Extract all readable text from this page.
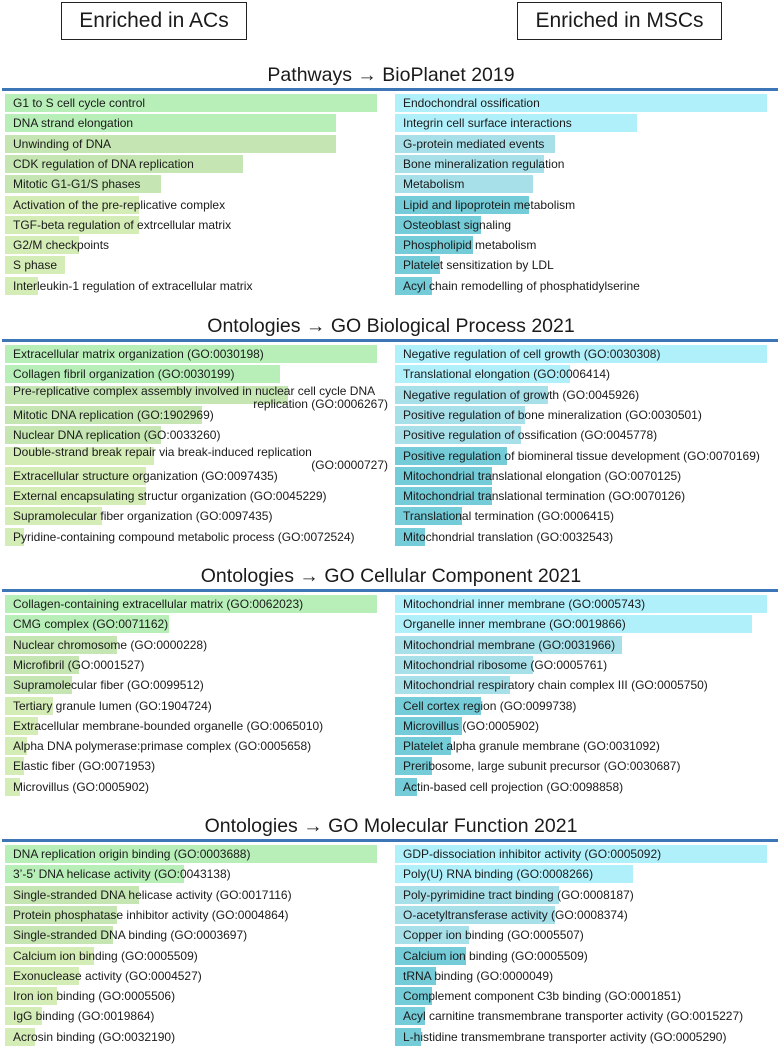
Enriched in ACs	Enriched in MSCs
Pathways → BioPlanet 2019
G1 to S cell cycle control
DNA strand elongation
Unwinding of DNA
CDK regulation of DNA replication
Mitotic G1-G1/S phases
Activation of the pre-replicative complex
TGF-beta regulation of extrcellular matrix
G2/M checkpoints
S phase
Interleukin-1 regulation of extracellular matrix
Endochondral ossification
Integrin cell surface interactions
G-protein mediated events
Bone mineralization regulation
Metabolism
Lipid and lipoprotein metabolism
Osteoblast signaling
Phospholipid metabolism
Platelet sensitization by LDL
Acyl chain remodelling of phosphatidylserine
Ontologies → GO Biological Process 2021
Extracellular matrix organization (GO:0030198)
Collagen fibril organization (GO:0030199)
Pre-replicative complex assembly involved in nuclear cell cycle DNA
replication (GO:0006267)
Mitotic DNA replication (GO:1902969)
Nuclear DNA replication (GO:0033260)
Double-strand break repair via break-induced replication
(GO:0000727)
Extracellular structure organization (GO:0097435)
External encapsulating structur organization (GO:0045229)
Supramolecular fiber organization (GO:0097435)
Pyridine-containing compound metabolic process (GO:0072524)
Negative regulation of cell growth (GO:0030308)
Translational elongation (GO:0006414)
Negative regulation of growth (GO:0045926)
Positive regulation of bone mineralization (GO:0030501)
Positive regulation of ossification (GO:0045778)
Positive regulation of biomineral tissue development (GO:0070169)
Mitochondrial translational elongation (GO:0070125)
Mitochondrial translational termination (GO:0070126)
Translational termination (GO:0006415)
Mitochondrial translation (GO:0032543)
Ontologies → GO Cellular Component 2021
Collagen-containing extracellular matrix (GO:0062023)
CMG complex (GO:0071162)
Nuclear chromosome (GO:0000228)
Microfibril (GO:0001527)
Supramolecular fiber (GO:0099512)
Tertiary granule lumen (GO:1904724)
Extracellular membrane-bounded organelle (GO:0065010)
Alpha DNA polymerase:primase complex (GO:0005658)
Elastic fiber (GO:0071953)
Microvillus (GO:0005902)
Mitochondrial inner membrane (GO:0005743)
Organelle inner membrane (GO:0019866)
Mitochondrial membrane (GO:0031966)
Mitochondrial ribosome (GO:0005761)
Mitochondrial respiratory chain complex III (GO:0005750)
Cell cortex region (GO:0099738)
Microvillus (GO:0005902)
Platelet alpha granule membrane (GO:0031092)
Preribosome, large subunit precursor (GO:0030687)
Actin-based cell projection (GO:0098858)
Ontologies → GO Molecular Function 2021
DNA replication origin binding (GO:0003688)
3’-5’ DNA helicase activity (GO:0043138)
Single-stranded DNA helicase activity (GO:0017116)
Protein phosphatase inhibitor activity (GO:0004864)
Single-stranded DNA binding (GO:0003697)
Calcium ion binding (GO:0005509)
Exonuclease activity (GO:0004527)
Iron ion binding (GO:0005506)
IgG binding (GO:0019864)
Acrosin binding (GO:0032190)
GDP-dissociation inhibitor activity (GO:0005092)
Poly(U) RNA binding (GO:0008266)
Poly-pyrimidine tract binding (GO:0008187)
O-acetyltransferase activity (GO:0008374)
Copper ion binding (GO:0005507)
Calcium ion binding (GO:0005509)
tRNA binding (GO:0000049)
Complement component C3b binding (GO:0001851)
Acyl carnitine transmembrane transporter activity (GO:0015227)
L-histidine transmembrane transporter activity (GO:0005290)
